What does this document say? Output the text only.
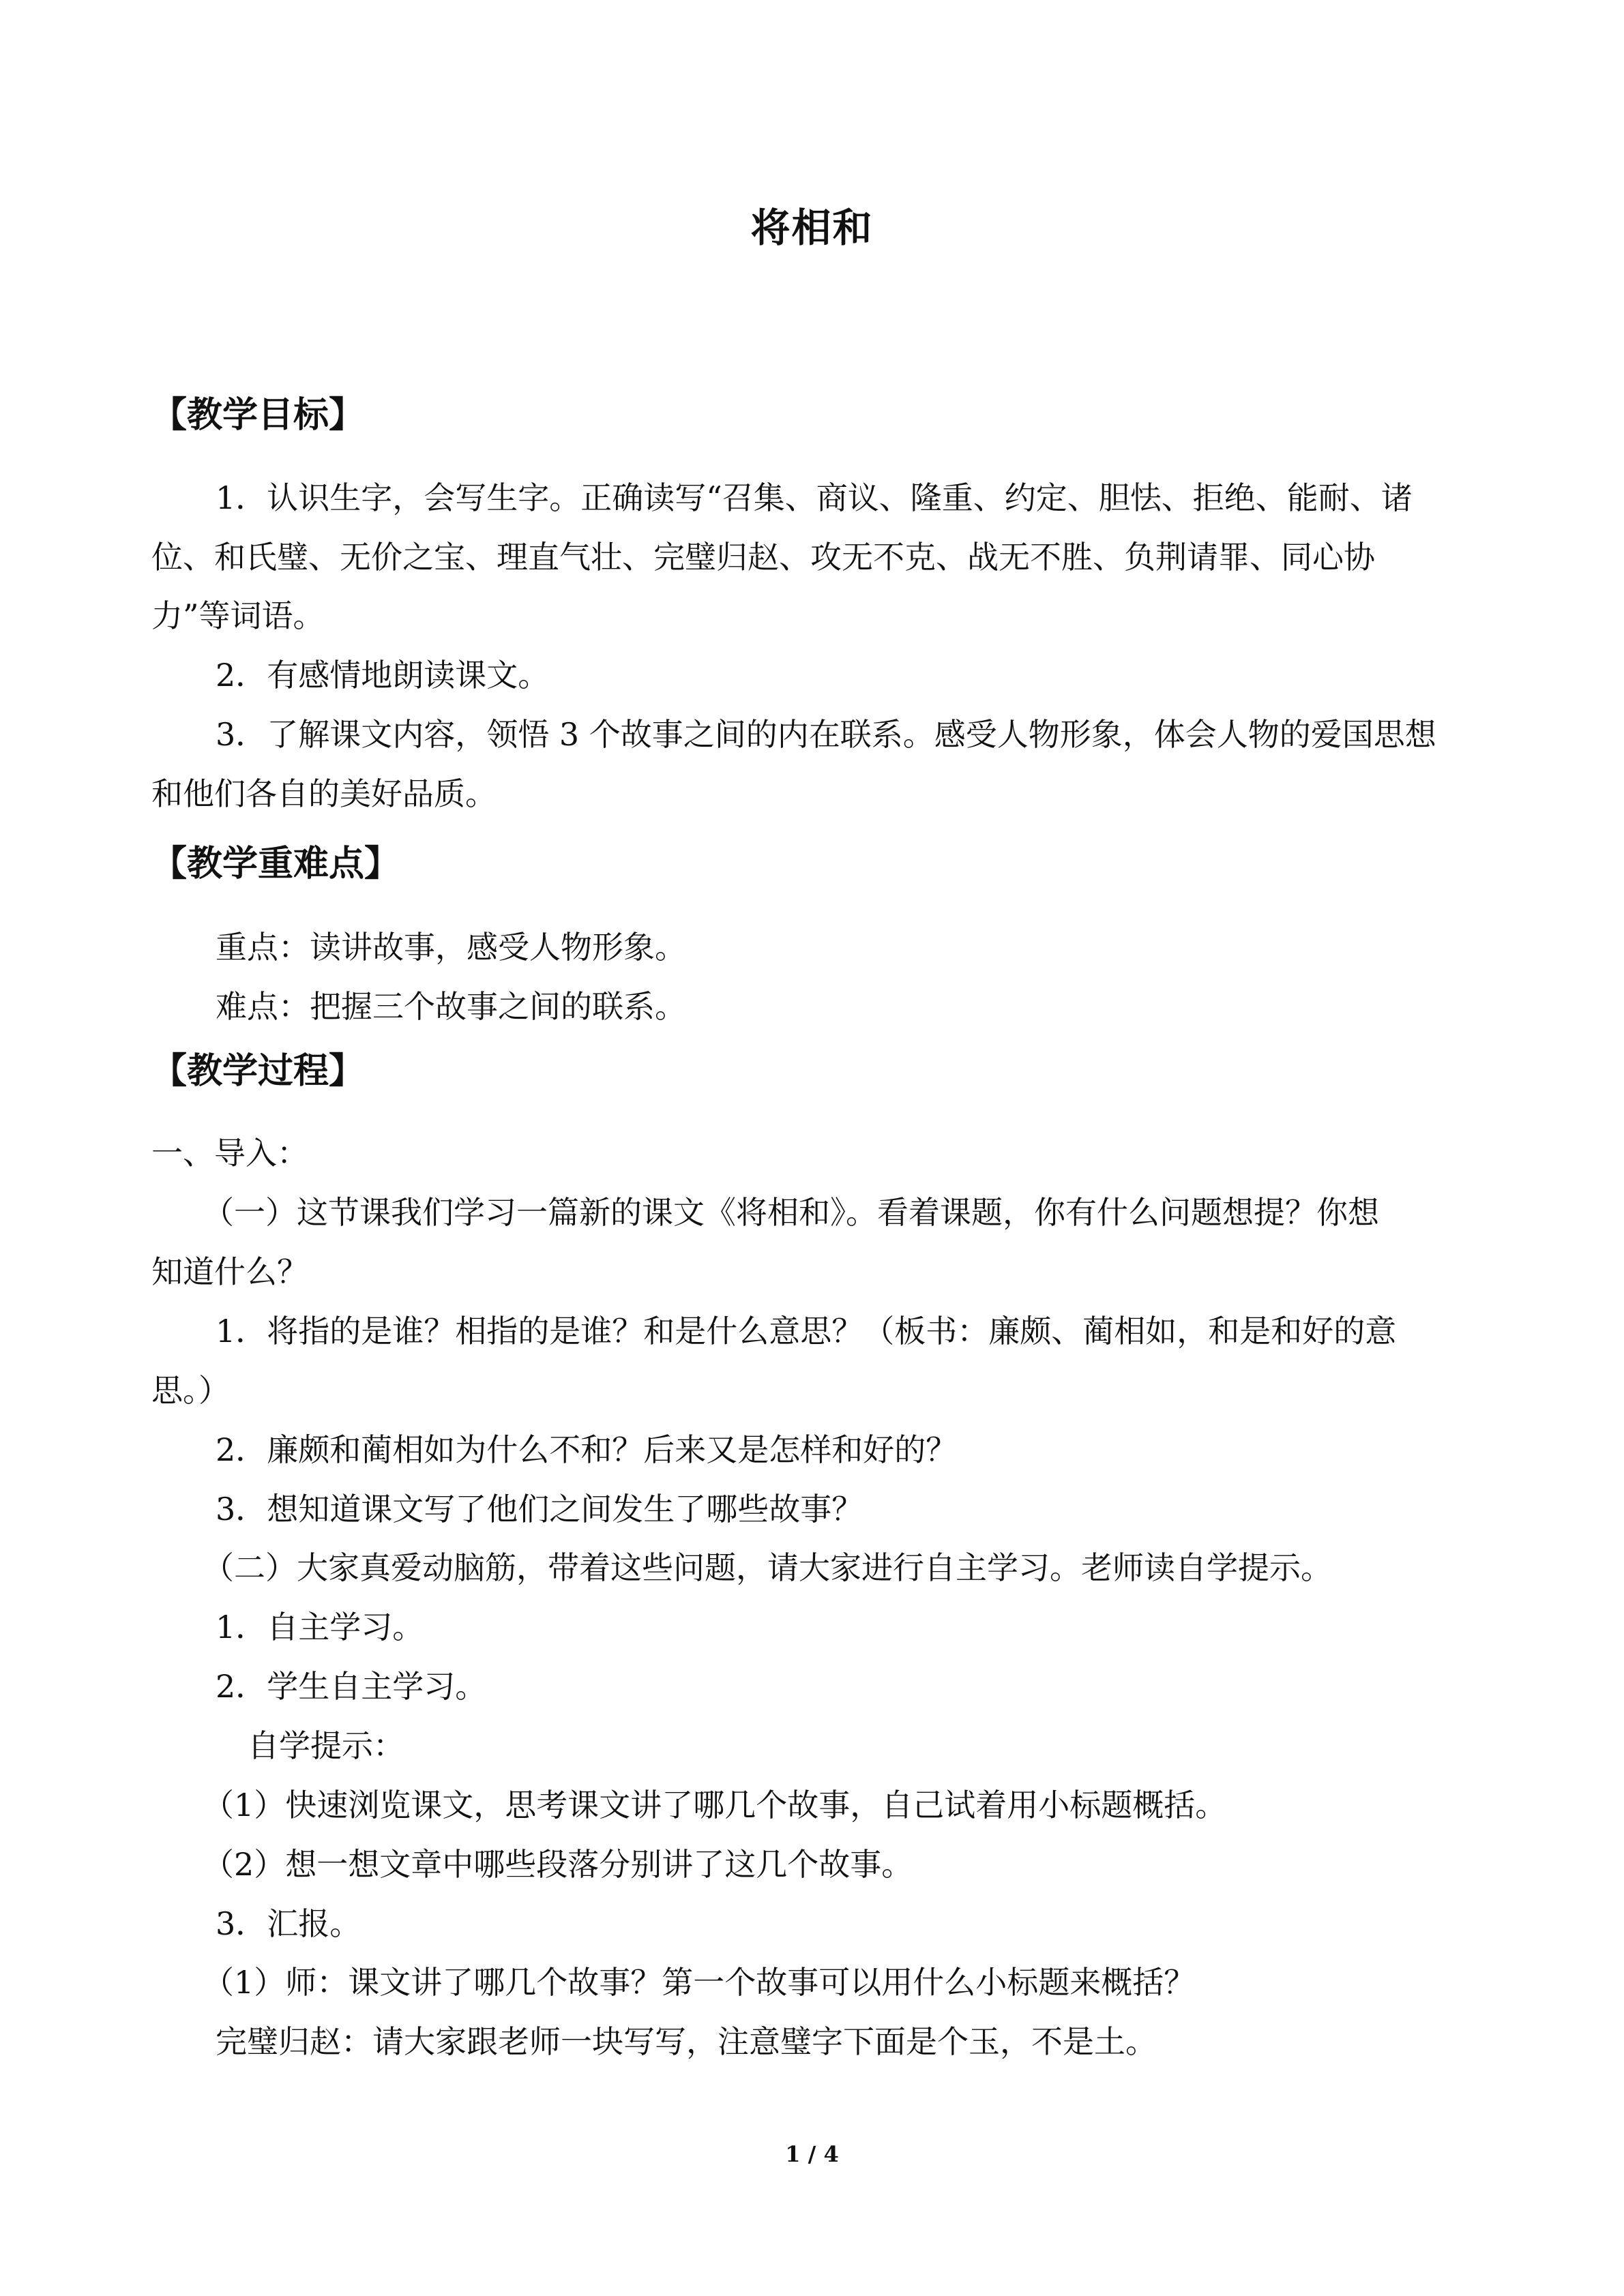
将相和
【教学目标】
1．认识生字，会写生字。正确读写“召集、商议、隆重、约定、胆怯、拒绝、能耐、诸
位、和氏璧、无价之宝、理直气壮、完璧归赵、攻无不克、战无不胜、负荆请罪、同心协
力”等词语。
2．有感情地朗读课文。
3．了解课文内容，领悟 3 个故事之间的内在联系。感受人物形象，体会人物的爱国思想
和他们各自的美好品质。
【教学重难点】
重点：读讲故事，感受人物形象。
难点：把握三个故事之间的联系。
【教学过程】
一、导入：
（一）这节课我们学习一篇新的课文《将相和》。看着课题，你有什么问题想提？你想
知道什么？
1．将指的是谁？相指的是谁？和是什么意思？（板书：廉颇、蔺相如，和是和好的意
思。）
2．廉颇和蔺相如为什么不和？后来又是怎样和好的？
3．想知道课文写了他们之间发生了哪些故事？
（二）大家真爱动脑筋，带着这些问题，请大家进行自主学习。老师读自学提示。
1．自主学习。
2．学生自主学习。
自学提示：
（1）快速浏览课文，思考课文讲了哪几个故事，自己试着用小标题概括。
（2）想一想文章中哪些段落分别讲了这几个故事。
3．汇报。
（1）师：课文讲了哪几个故事？第一个故事可以用什么小标题来概括？
完璧归赵：请大家跟老师一块写写，注意璧字下面是个玉，不是土。
1 / 4
